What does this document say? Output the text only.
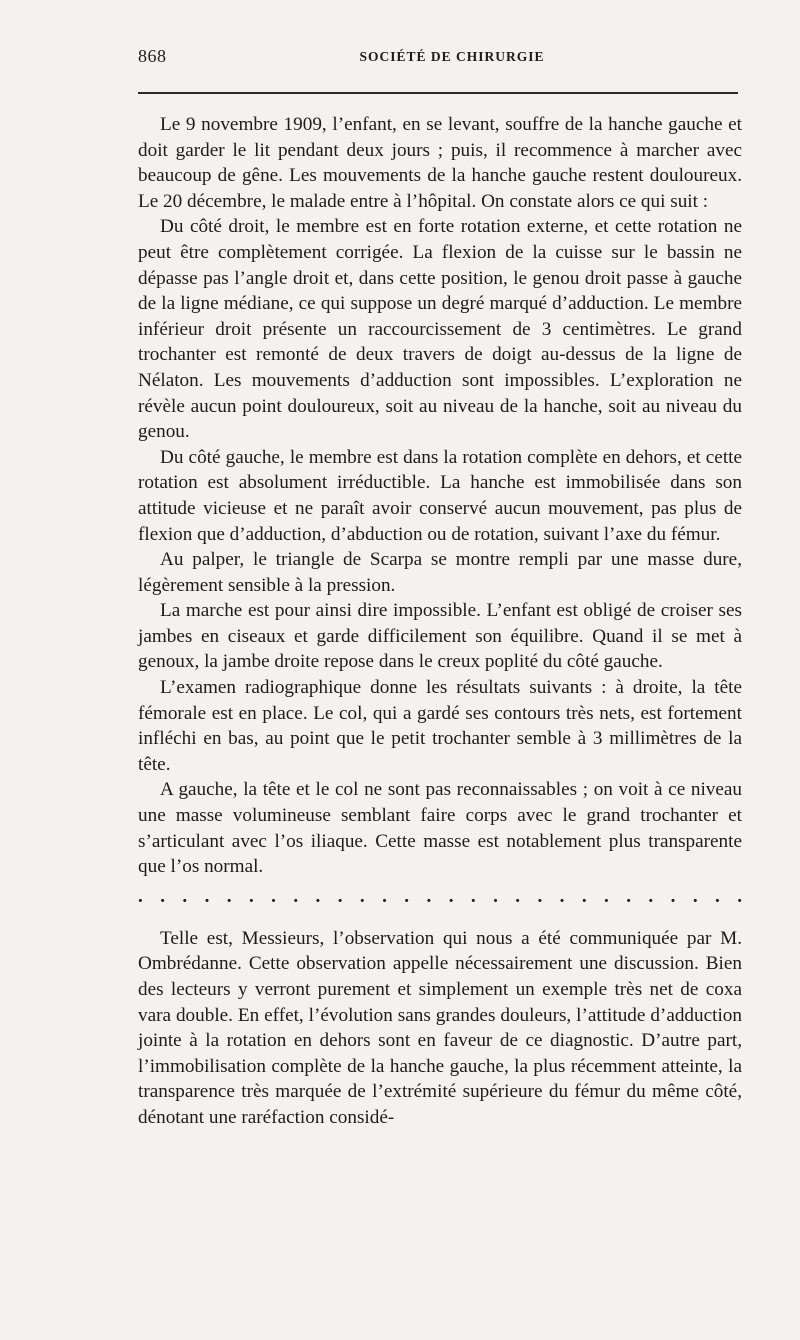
868	SOCIÉTÉ DE CHIRURGIE

Le 9 novembre 1909, l’enfant, en se levant, souffre de la hanche gauche et doit garder le lit pendant deux jours ; puis, il recommence à marcher avec beaucoup de gêne. Les mouvements de la hanche gauche restent douloureux. Le 20 décembre, le malade entre à l’hôpital. On constate alors ce qui suit :

Du côté droit, le membre est en forte rotation externe, et cette rotation ne peut être complètement corrigée. La flexion de la cuisse sur le bassin ne dépasse pas l’angle droit et, dans cette position, le genou droit passe à gauche de la ligne médiane, ce qui suppose un degré marqué d’adduction. Le membre inférieur droit présente un raccourcissement de 3 centimètres. Le grand trochanter est remonté de deux travers de doigt au-dessus de la ligne de Nélaton. Les mouvements d’adduction sont impossibles. L’exploration ne révèle aucun point douloureux, soit au niveau de la hanche, soit au niveau du genou.

Du côté gauche, le membre est dans la rotation complète en dehors, et cette rotation est absolument irréductible. La hanche est immobilisée dans son attitude vicieuse et ne paraît avoir conservé aucun mouvement, pas plus de flexion que d’adduction, d’abduction ou de rotation, suivant l’axe du fémur.

Au palper, le triangle de Scarpa se montre rempli par une masse dure, légèrement sensible à la pression.

La marche est pour ainsi dire impossible. L’enfant est obligé de croiser ses jambes en ciseaux et garde difficilement son équilibre. Quand il se met à genoux, la jambe droite repose dans le creux poplité du côté gauche.

L’examen radiographique donne les résultats suivants : à droite, la tête fémorale est en place. Le col, qui a gardé ses contours très nets, est fortement infléchi en bas, au point que le petit trochanter semble à 3 millimètres de la tête.

A gauche, la tête et le col ne sont pas reconnaissables ; on voit à ce niveau une masse volumineuse semblant faire corps avec le grand trochanter et s’articulant avec l’os iliaque. Cette masse est notablement plus transparente que l’os normal.

. . . . . . . . . . . . . . . . . . . . . . . . . . . .

Telle est, Messieurs, l’observation qui nous a été communiquée par M. Ombrédanne. Cette observation appelle nécessairement une discussion. Bien des lecteurs y verront purement et simplement un exemple très net de coxa vara double. En effet, l’évolution sans grandes douleurs, l’attitude d’adduction jointe à la rotation en dehors sont en faveur de ce diagnostic. D’autre part, l’immobilisation complète de la hanche gauche, la plus récemment atteinte, la transparence très marquée de l’extrémité supérieure du fémur du même côté, dénotant une raréfaction considé-
